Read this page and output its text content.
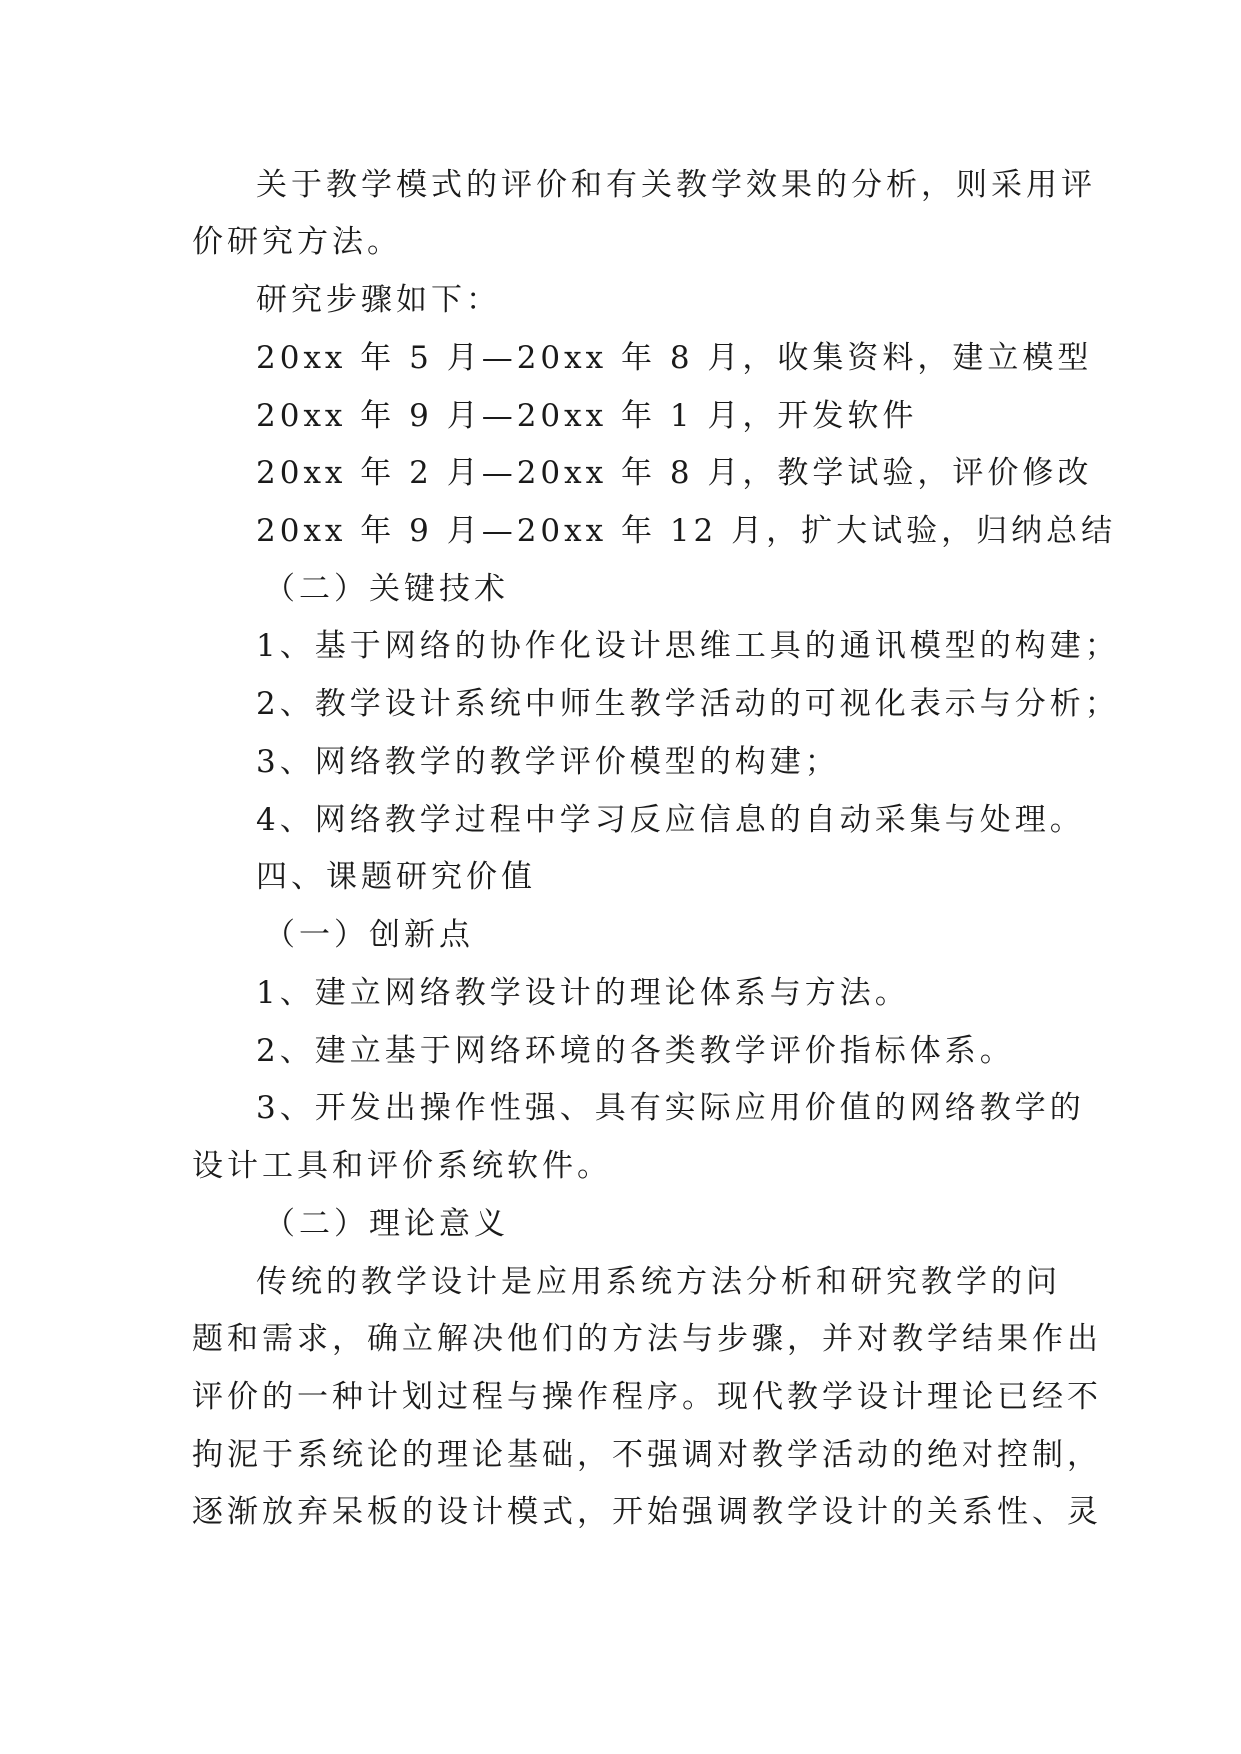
关于教学模式的评价和有关教学效果的分析，则采用评

价研究方法。

研究步骤如下：

20xx 年 5 月—20xx 年 8 月，收集资料，建立模型

20xx 年 9 月—20xx 年 1 月，开发软件

20xx 年 2 月—20xx 年 8 月，教学试验，评价修改

20xx 年 9 月—20xx 年 12 月，扩大试验，归纳总结

（二）关键技术

1、基于网络的协作化设计思维工具的通讯模型的构建；

2、教学设计系统中师生教学活动的可视化表示与分析；

3、网络教学的教学评价模型的构建；

4、网络教学过程中学习反应信息的自动采集与处理。

四、课题研究价值

（一）创新点

1、建立网络教学设计的理论体系与方法。

2、建立基于网络环境的各类教学评价指标体系。

3、开发出操作性强、具有实际应用价值的网络教学的

设计工具和评价系统软件。

（二）理论意义

传统的教学设计是应用系统方法分析和研究教学的问

题和需求，确立解决他们的方法与步骤，并对教学结果作出

评价的一种计划过程与操作程序。现代教学设计理论已经不

拘泥于系统论的理论基础，不强调对教学活动的绝对控制，

逐渐放弃呆板的设计模式，开始强调教学设计的关系性、灵
